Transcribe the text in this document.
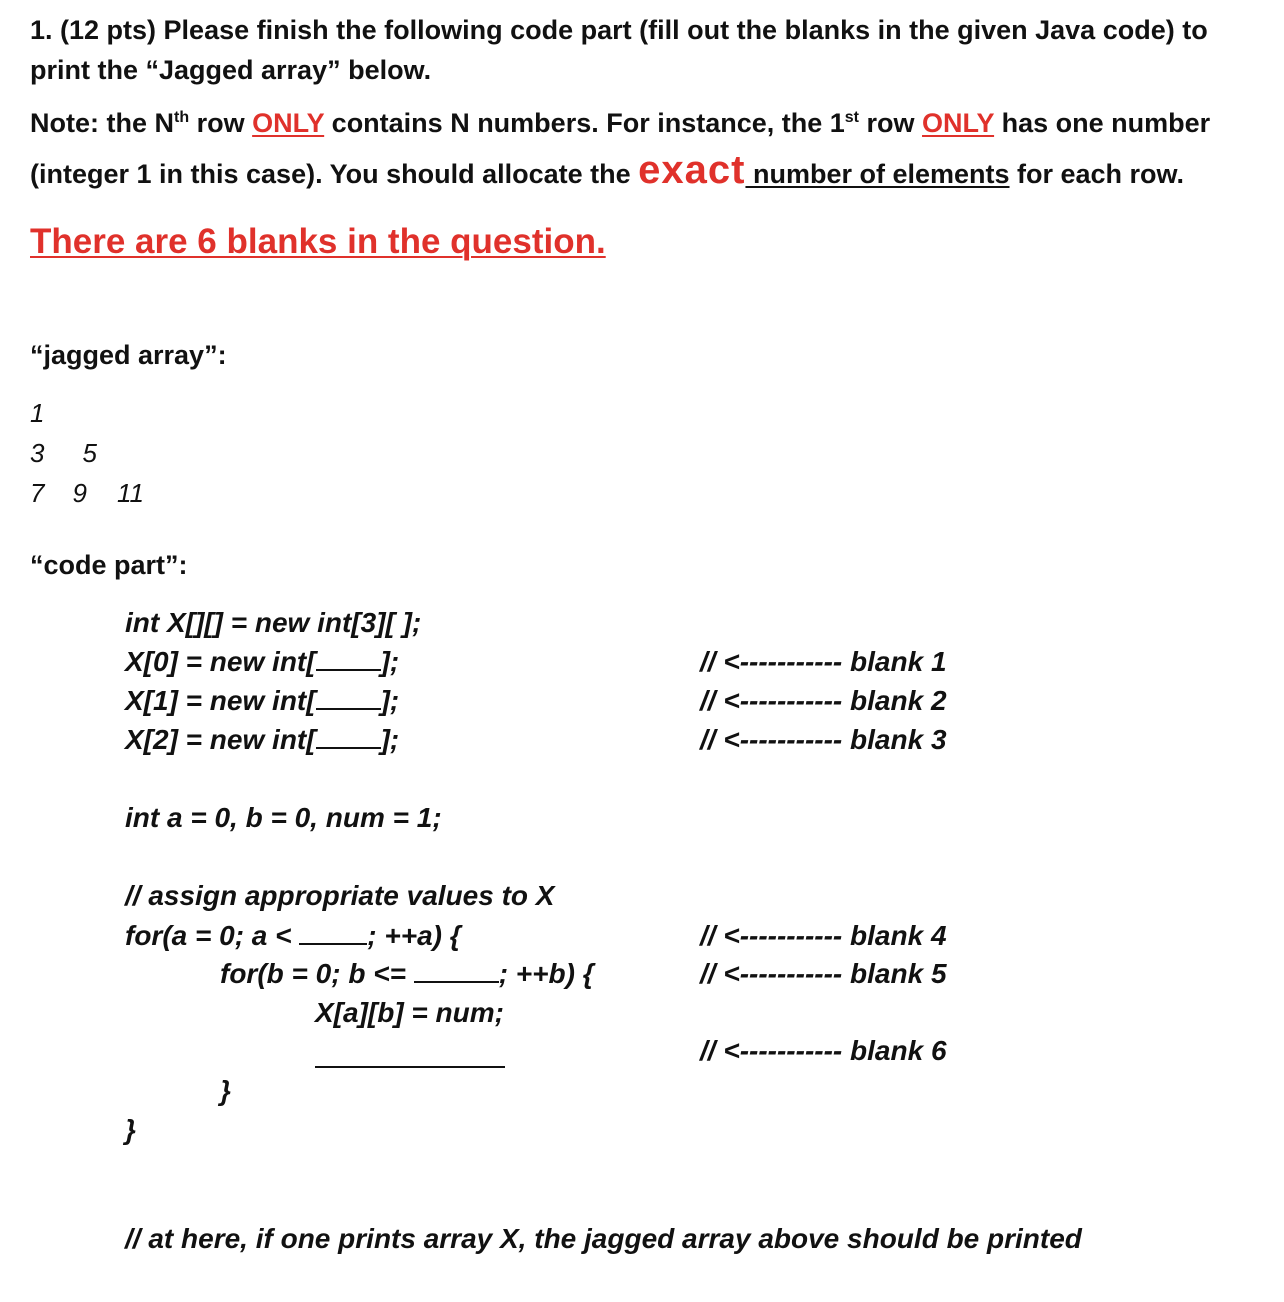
1. (12 pts) Please finish the following code part (fill out the blanks in the given Java code) to
print the “Jagged array” below.
Note: the $N^{th}$ row ONLY contains N numbers. For instance, the 1st row ONLY has one number
(integer 1 in this case). You should allocate the exact number of elements for each row.
There are 6 blanks in the question.
“jagged array”:
1
3 5
7 9 11
“code part”:
int X[][] = new int[3][ ];
X[0] = new int[ ];
X[1] = new int[ ];
X[2] = new int[ ];
int a = 0, b = 0, num = 1;
// assign appropriate values to X
for(a = 0; a < ; ++a) {
for(b = 0; b <=	; ++b) {
X[a][b] = num;
}
}
// at here, if one prints array X, the jagged array above should be printed
// <----------- blank 1
// <----------- blank 2
// <----------- blank 3
// <----------- blank 4
// <----------- blank 5
// <----------- blank 6
